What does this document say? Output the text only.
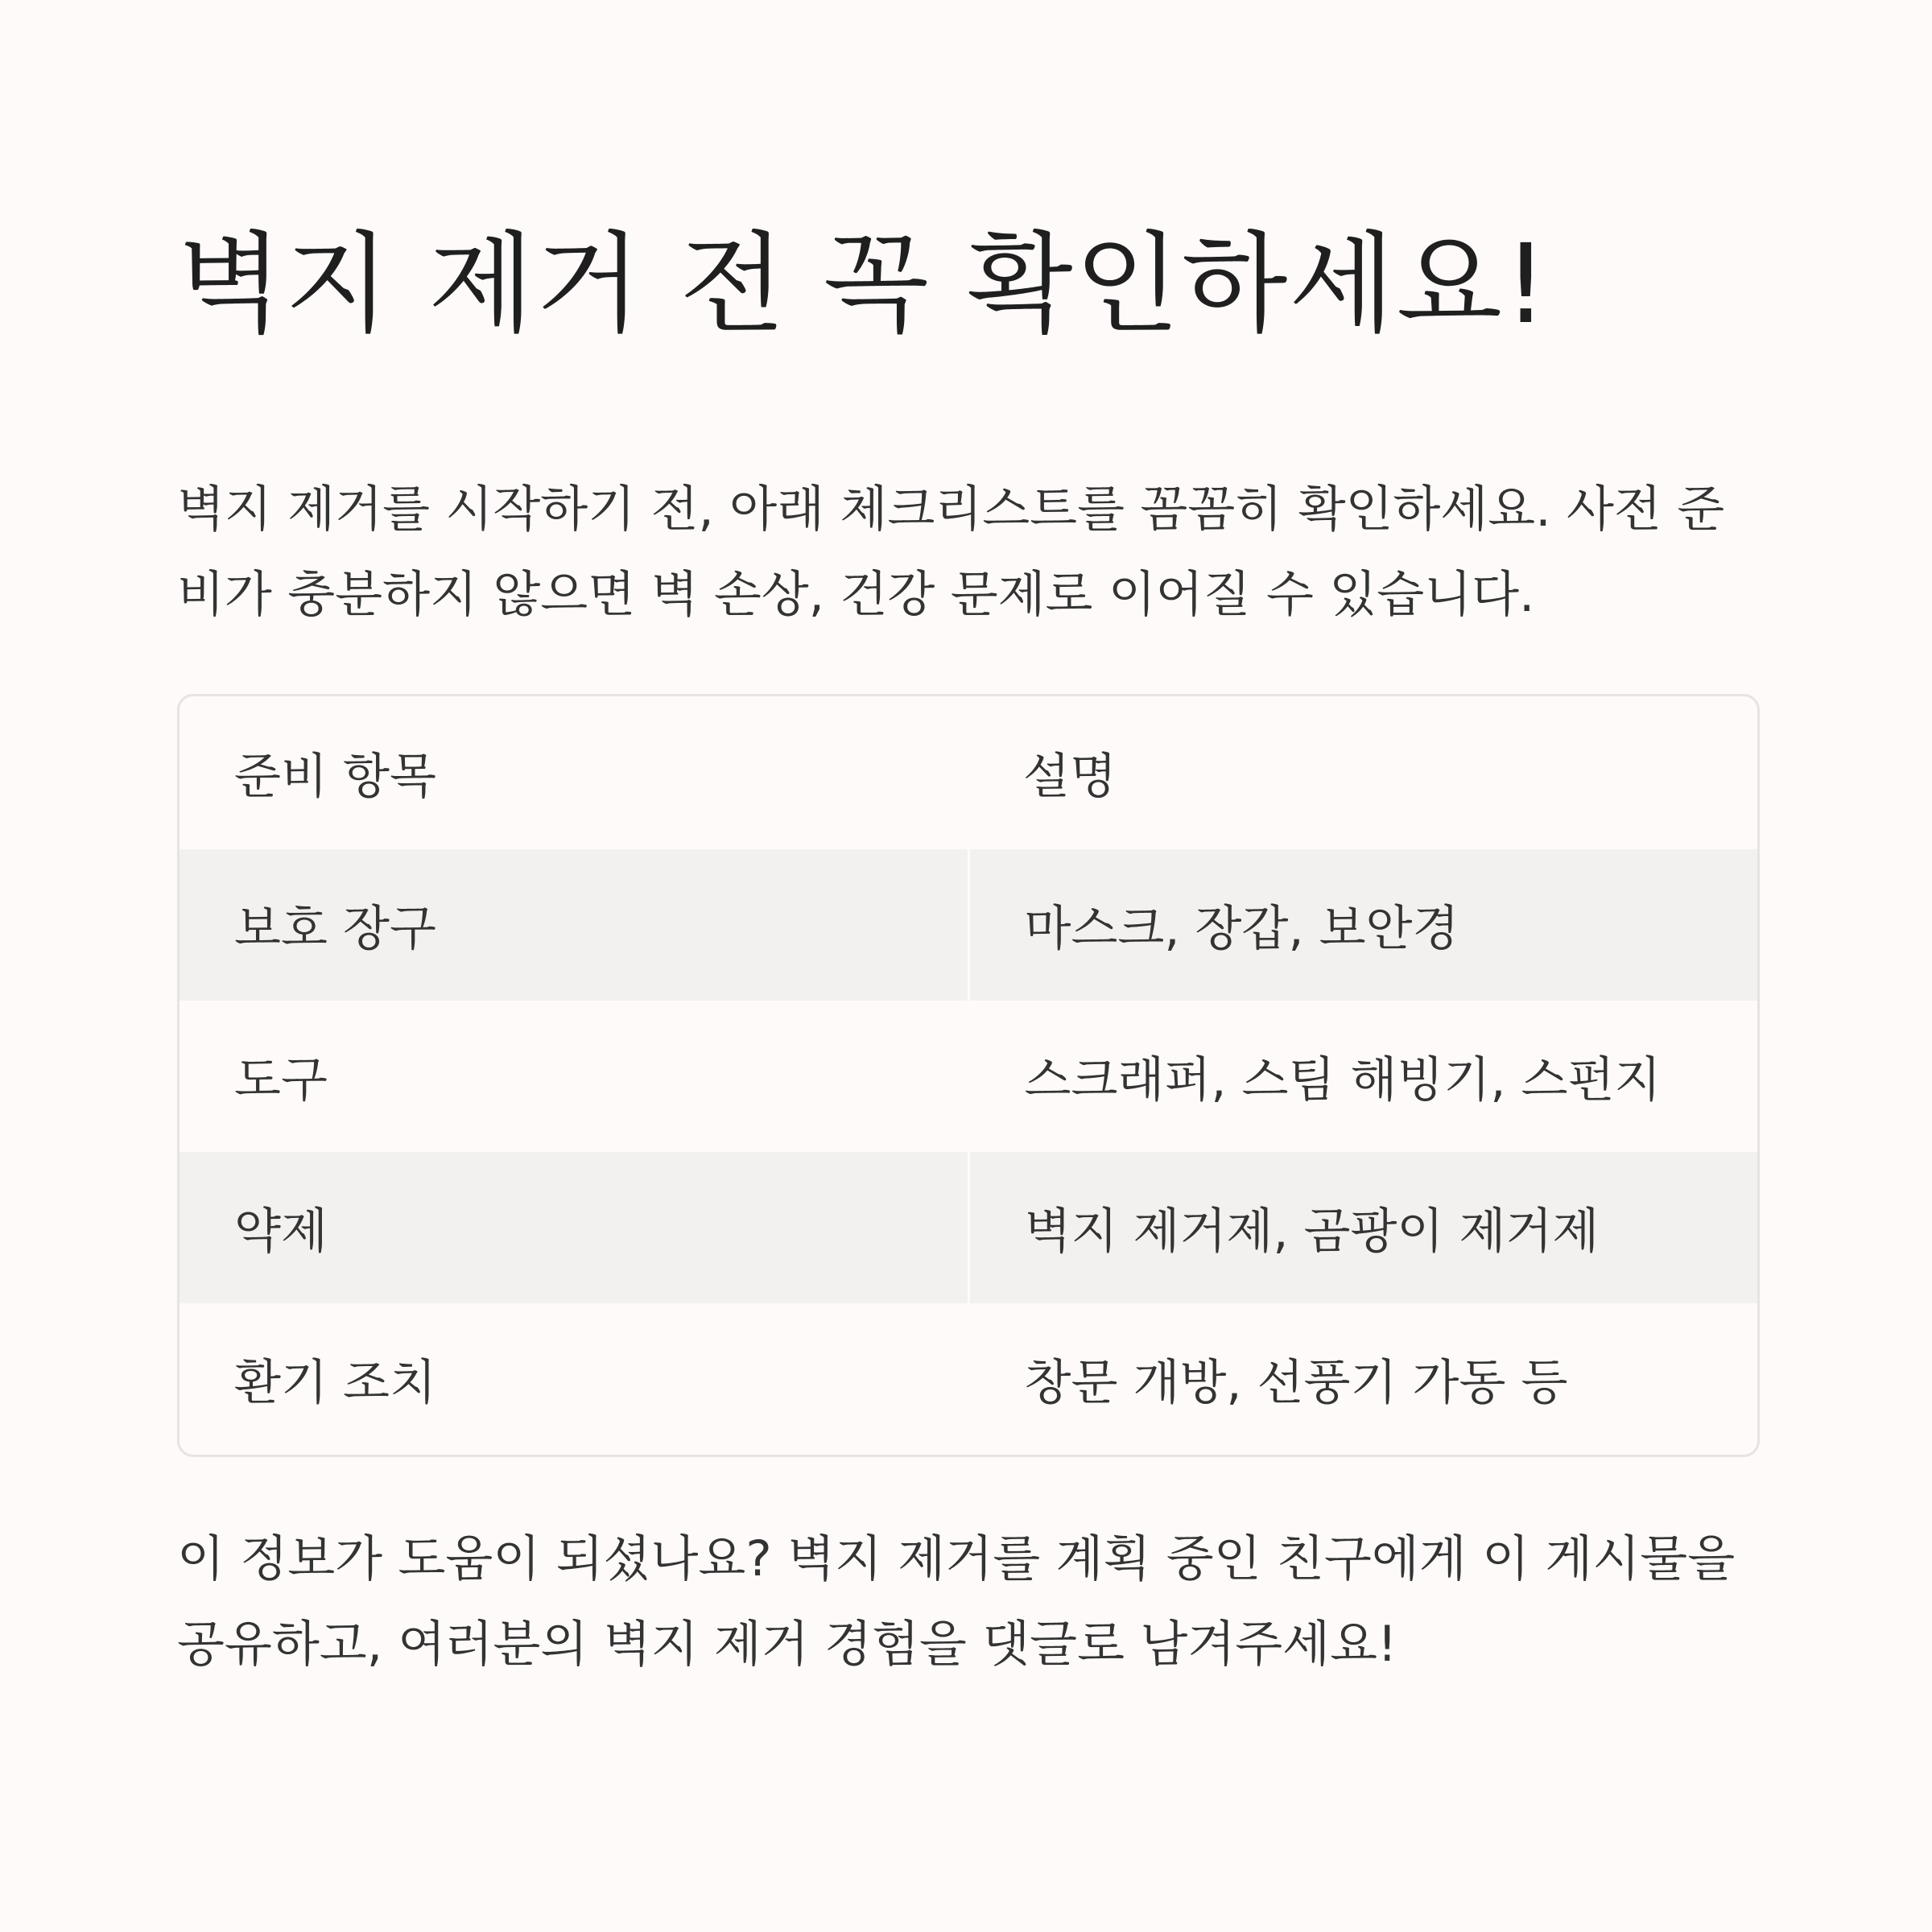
벽지 제거 전 꼭 확인하세요!

벽지 제거를 시작하기 전, 아래 체크리스트를 꼼꼼히 확인하세요. 사전 준비가 충분하지 않으면 벽 손상, 건강 문제로 이어질 수 있습니다.

준비 항목	설명
보호 장구	마스크, 장갑, 보안경
도구	스크래퍼, 스팀 해빙기, 스펀지
약제	벽지 제거제, 곰팡이 제거제
환기 조치	창문 개방, 선풍기 가동 등

이 정보가 도움이 되셨나요? 벽지 제거를 계획 중인 친구에게 이 게시물을 공유하고, 여러분의 벽지 제거 경험을 댓글로 남겨주세요!
